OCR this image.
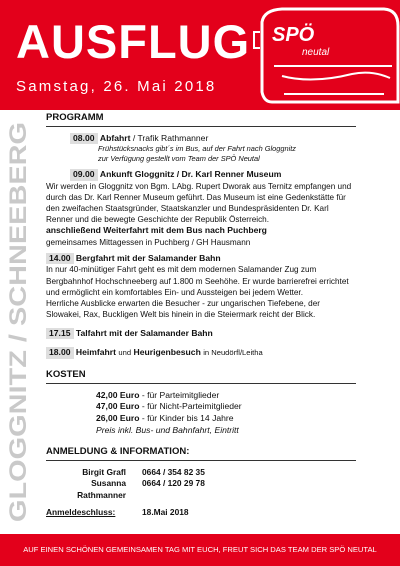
AUSFLUG
Samstag, 26. Mai 2018
SPÖ
neutal
GLOGGNITZ / SCHNEEBERG
PROGRAMM
08.00 Abfahrt / Trafik Rathmanner
Frühstücksnacks gibt´s im Bus, auf der Fahrt nach Gloggnitz
zur Verfügung gestellt vom Team der SPÖ Neutal
09.00 Ankunft Gloggnitz / Dr. Karl Renner Museum
Wir werden in Gloggnitz von Bgm. LAbg. Rupert Dworak aus Ternitz empfangen und durch das Dr. Karl Renner Museum geführt. Das Museum ist eine Gedenkstätte für den zweifachen Staatsgründer, Staatskanzler und Bundespräsidenten Dr. Karl Renner und die bewegte Geschichte der Republik Österreich.
anschließend Weiterfahrt mit dem Bus nach Puchberg
gemeinsames Mittagessen in Puchberg / GH Hausmann
14.00 Bergfahrt mit der Salamander Bahn
In nur 40-minütiger Fahrt geht es mit dem modernen Salamander Zug zum Bergbahnhof Hochschneeberg auf 1.800 m Seehöhe. Er wurde barrierefrei errichtet und ermöglicht ein komfortables Ein- und Aussteigen bei jedem Wetter.
Herrliche Ausblicke erwarten die Besucher - zur ungarischen Tiefebene, der Slowakei, Rax, Buckligen Welt bis hinein in die Steiermark reicht der Blick.
17.15 Talfahrt mit der Salamander Bahn
18.00 Heimfahrt und Heurigenbesuch in Neudörfl/Leitha
KOSTEN
42,00 Euro - für Parteimitglieder
47,00 Euro - für Nicht-Parteimitglieder
26,00 Euro - für Kinder bis 14 Jahre
Preis inkl. Bus- und Bahnfahrt, Eintritt
ANMELDUNG & INFORMATION:
Birgit Grafl	0664 / 354 82 35
Susanna Rathmanner
0664 / 120 29 78
Anmeldeschluss:	18.Mai 2018
AUF EINEN SCHÖNEN GEMEINSAMEN TAG MIT EUCH, FREUT SICH DAS TEAM DER SPÖ NEUTAL
